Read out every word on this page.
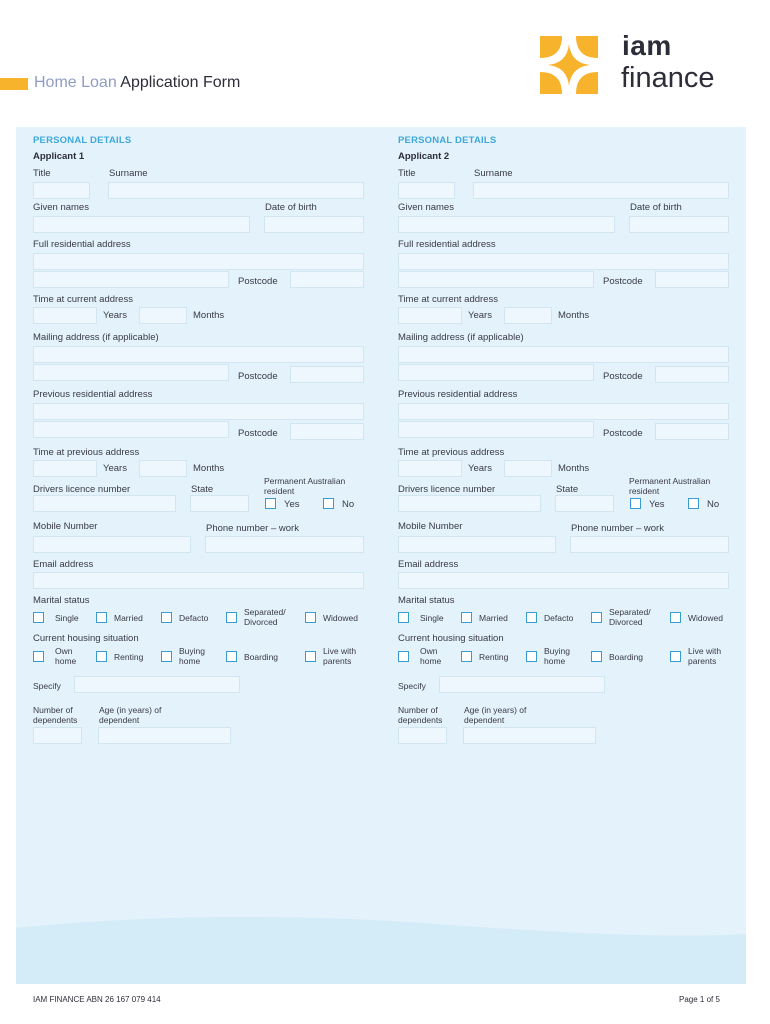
Home Loan Application Form
iam
finance
PERSONAL DETAILS
Applicant 1
Title	Surname
Given names	Date of birth
Full residential address
Postcode
Time at current address
Years	Months
Mailing address (if applicable)
Postcode
Previous residential address
Postcode
Time at previous address
Years	Months
Drivers licence number	State
Permanent Australian resident
Yes	No
Mobile Number	Phone number – work
Email address
Marital status
Single	Married	Defacto
Separated/ Divorced	Widowed
Current housing situation
Own home	Renting
Buying home	Boarding
Live with parents
Specify
Number of dependents
Age (in years) of dependent
PERSONAL DETAILS
Applicant 2
Title	Surname
Given names	Date of birth
Full residential address
Postcode
Time at current address
Years	Months
Mailing address (if applicable)
Postcode
Previous residential address
Postcode
Time at previous address
Years	Months
Drivers licence number	State
Permanent Australian resident
Yes	No
Mobile Number	Phone number – work
Email address
Marital status
Single	Married	Defacto
Separated/ Divorced	Widowed
Current housing situation
Own home	Renting
Buying home	Boarding
Live with parents
Specify
Number of dependents
Age (in years) of dependent
IAM FINANCE ABN 26 167 079 414	Page 1 of 5
